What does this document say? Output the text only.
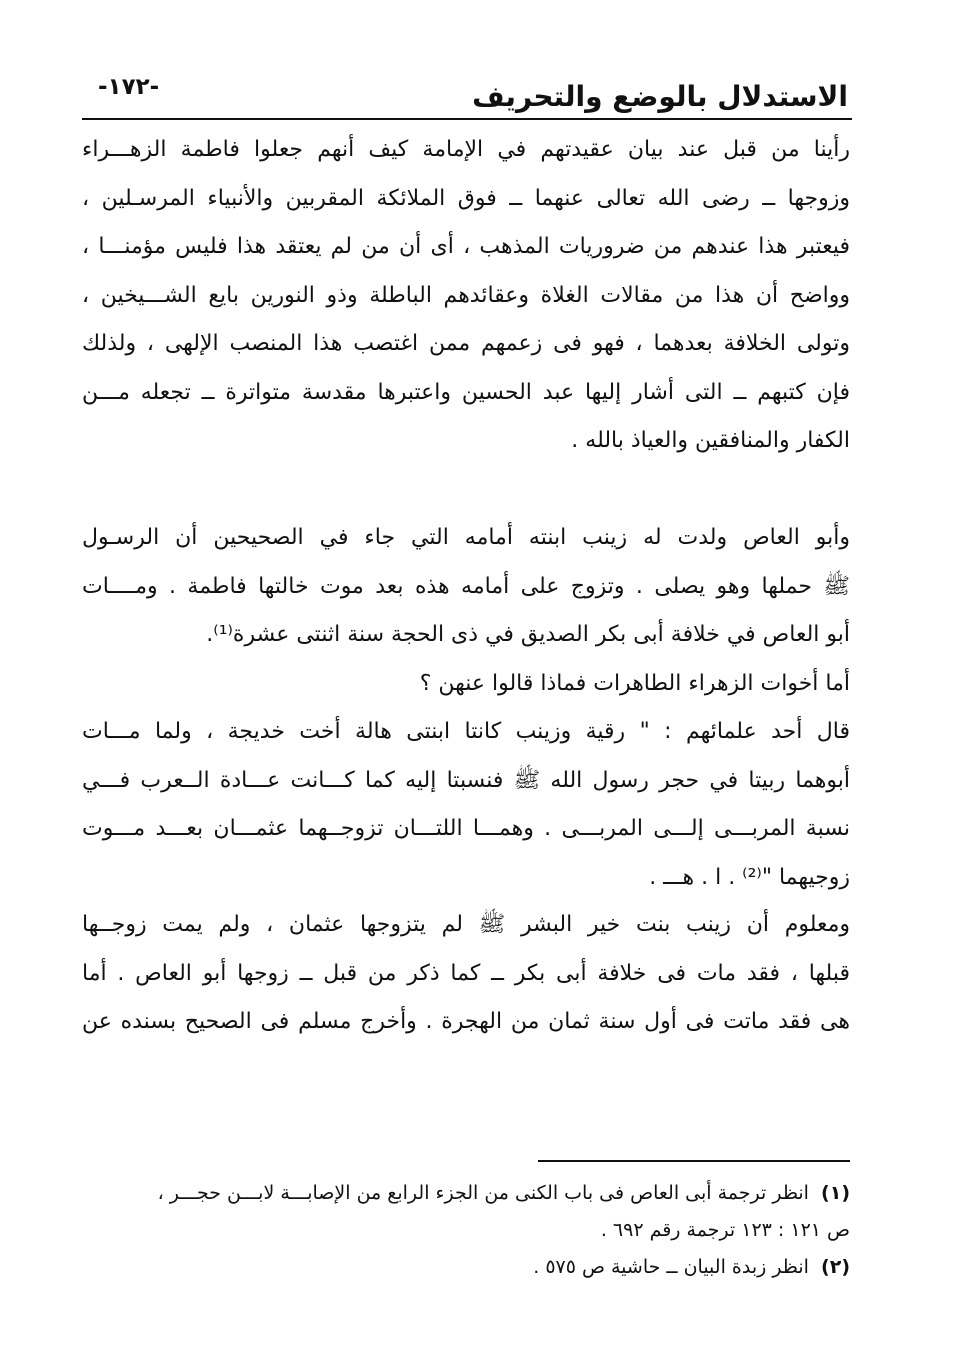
-١٧٢-	الاستدلال بالوضع والتحريف
رأينا من قبل عند بيان عقيدتهم في الإمامة كيف أنهم جعلوا فاطمة الزهـــراء
وزوجها ــ رضى الله تعالى عنهما ــ فوق الملائكة المقربين والأنبياء المرسـلين ،
فيعتبر هذا عندهم من ضروريات المذهب ، أى أن من لم يعتقد هذا فليس مؤمنـــا ،
وواضح أن هذا من مقالات الغلاة وعقائدهم الباطلة وذو النورين بايع الشـــيخين ،
وتولى الخلافة بعدهما ، فهو فى زعمهم ممن اغتصب هذا المنصب الإلهى ، ولذلك
فإن كتبهم ــ التى أشار إليها عبد الحسين واعتبرها مقدسة متواترة ــ تجعله مـــن
الكفار والمنافقين والعياذ بالله .
وأبو العاص ولدت له زينب ابنته أمامه التي جاء في الصحيحين أن الرسـول
ﷺ حملها وهو يصلى . وتزوج على أمامه هذه بعد موت خالتها فاطمة . ومــــات
أبو العاص في خلافة أبى بكر الصديق في ذى الحجة سنة اثنتى عشرة⁽¹⁾.
أما أخوات الزهراء الطاهرات فماذا قالوا عنهن ؟
قال أحد علمائهم : " رقية وزينب كانتا ابنتى هالة أخت خديجة ، ولما مـــات
أبوهما ربيتا في حجر رسول الله ﷺ فنسبتا إليه كما كـــانت عـــادة الــعرب فـــي
نسبة المربـــى إلـــى المربـــى . وهمـــا اللتـــان تزوجــهما عثمـــان بعـــد مـــوت
زوجيهما "⁽²⁾ . ا . هـــ .
ومعلوم أن زينب بنت خير البشر ﷺ لم يتزوجها عثمان ، ولم يمت زوجــها
قبلها ، فقد مات فى خلافة أبى بكر ــ كما ذكر من قبل ــ زوجها أبو العاص . أما
هى فقد ماتت فى أول سنة ثمان من الهجرة . وأخرج مسلم فى الصحيح بسنده عن
(١) انظر ترجمة أبى العاص فى باب الكنى من الجزء الرابع من الإصابـــة لابـــن حجـــر ،
ص ١٢١ : ١٢٣ ترجمة رقم ٦٩٢ .
(٢) انظر زبدة البيان ــ حاشية ص ٥٧٥ .
